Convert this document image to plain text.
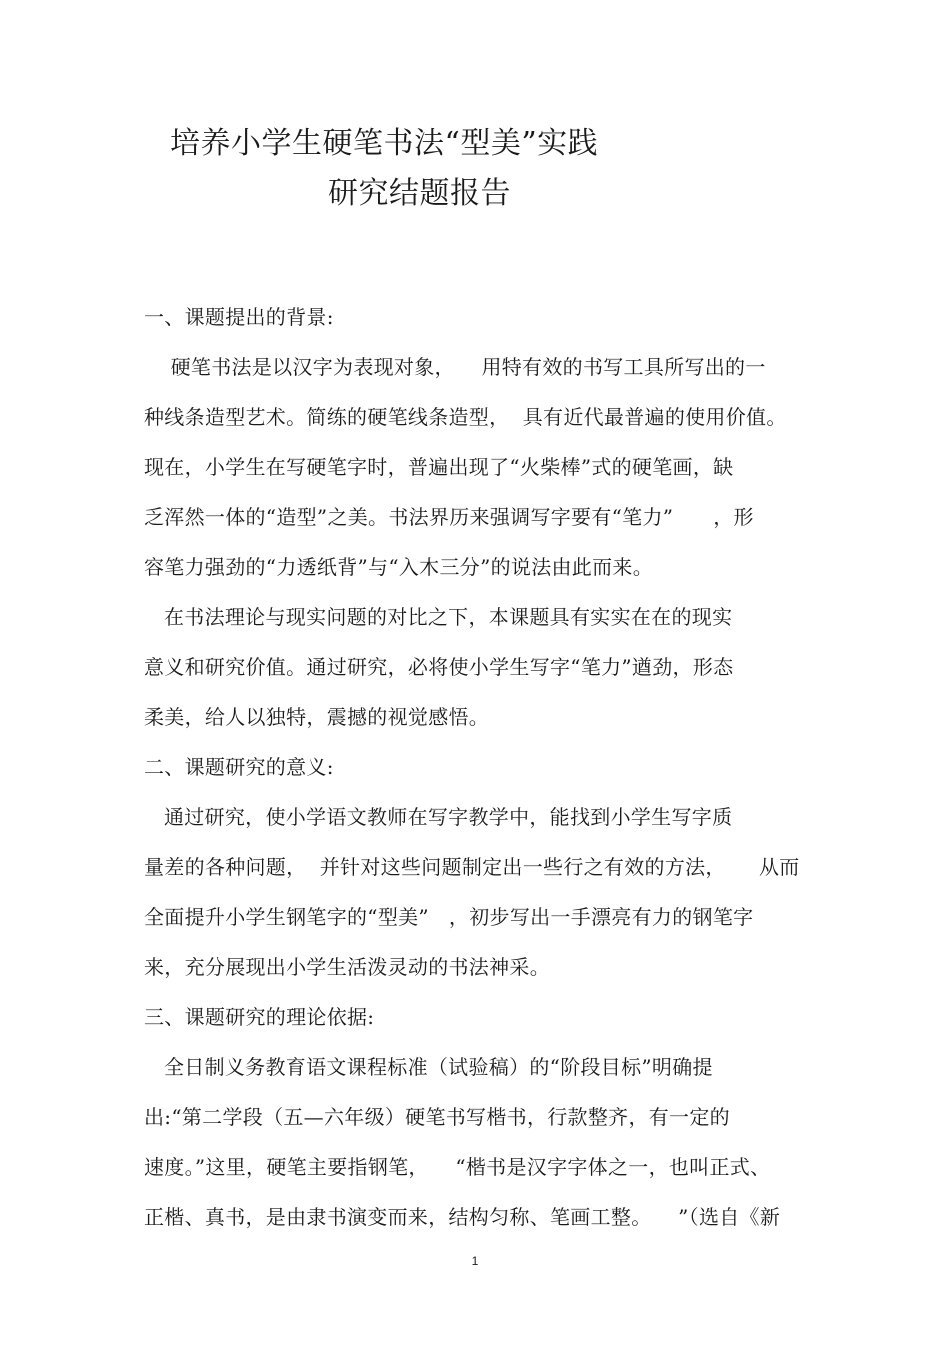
培养小学生硬笔书法“型美”实践
研究结题报告
一、课题提出的背景:
硬笔书法是以汉字为表现对象，    用特有效的书写工具所写出的一
种线条造型艺术。简练的硬笔线条造型，  具有近代最普遍的使用价值。
现在，小学生在写硬笔字时，普遍出现了“火柴棒”式的硬笔画，缺
乏浑然一体的“造型”之美。书法界历来强调写字要有“笔力”      ，形
容笔力强劲的“力透纸背”与“入木三分”的说法由此而来。
在书法理论与现实问题的对比之下，本课题具有实实在在的现实
意义和研究价值。通过研究，必将使小学生写字“笔力”遒劲，形态
柔美，给人以独特，震撼的视觉感悟。
二、课题研究的意义:
通过研究，使小学语文教师在写字教学中，能找到小学生写字质
量差的各种问题，  并针对这些问题制定出一些行之有效的方法，     从而
全面提升小学生钢笔字的“型美”   ，初步写出一手漂亮有力的钢笔字
来，充分展现出小学生活泼灵动的书法神采。
三、课题研究的理论依据:
全日制义务教育语文课程标准（试验稿）的“阶段目标”明确提
出:“第二学段（五—六年级）硬笔书写楷书，行款整齐，有一定的
速度。”这里，硬笔主要指钢笔，    “楷书是汉字字体之一，也叫正式、
正楷、真书，是由隶书演变而来，结构匀称、笔画工整。    ”（选自《新
1
